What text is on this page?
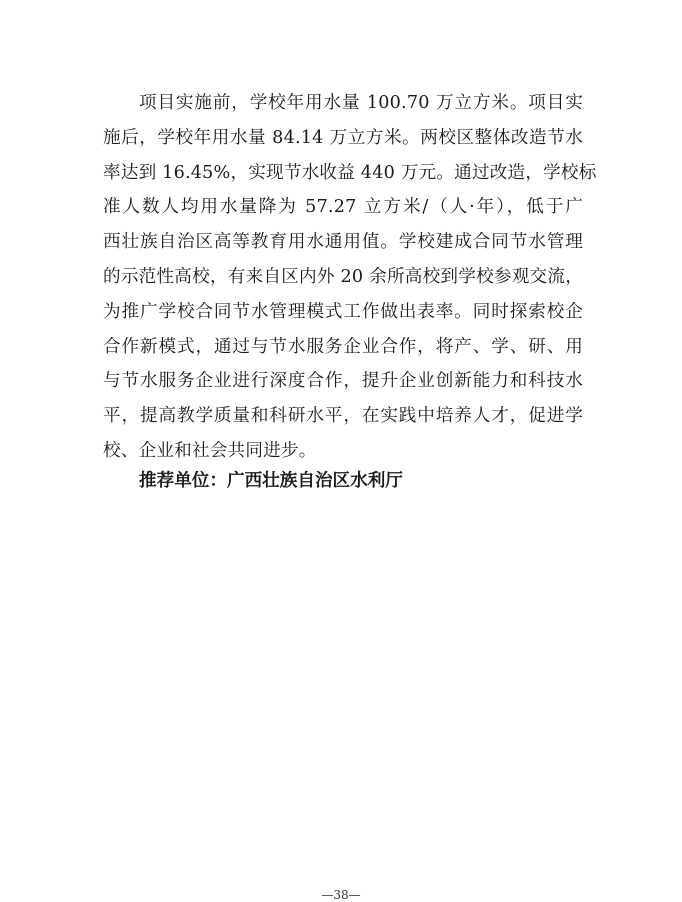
项目实施前，学校年用水量 100.70 万立方米。项目实
施后，学校年用水量 84.14 万立方米。两校区整体改造节水
率达到 16.45%，实现节水收益 440 万元。通过改造，学校标
准人数人均用水量降为 57.27 立方米/（人·年），低于广
西壮族自治区高等教育用水通用值。学校建成合同节水管理
的示范性高校，有来自区内外 20 余所高校到学校参观交流，
为推广学校合同节水管理模式工作做出表率。同时探索校企
合作新模式，通过与节水服务企业合作，将产、学、研、用
与节水服务企业进行深度合作，提升企业创新能力和科技水
平，提高教学质量和科研水平，在实践中培养人才，促进学
校、企业和社会共同进步。
推荐单位：广西壮族自治区水利厅
—38—
